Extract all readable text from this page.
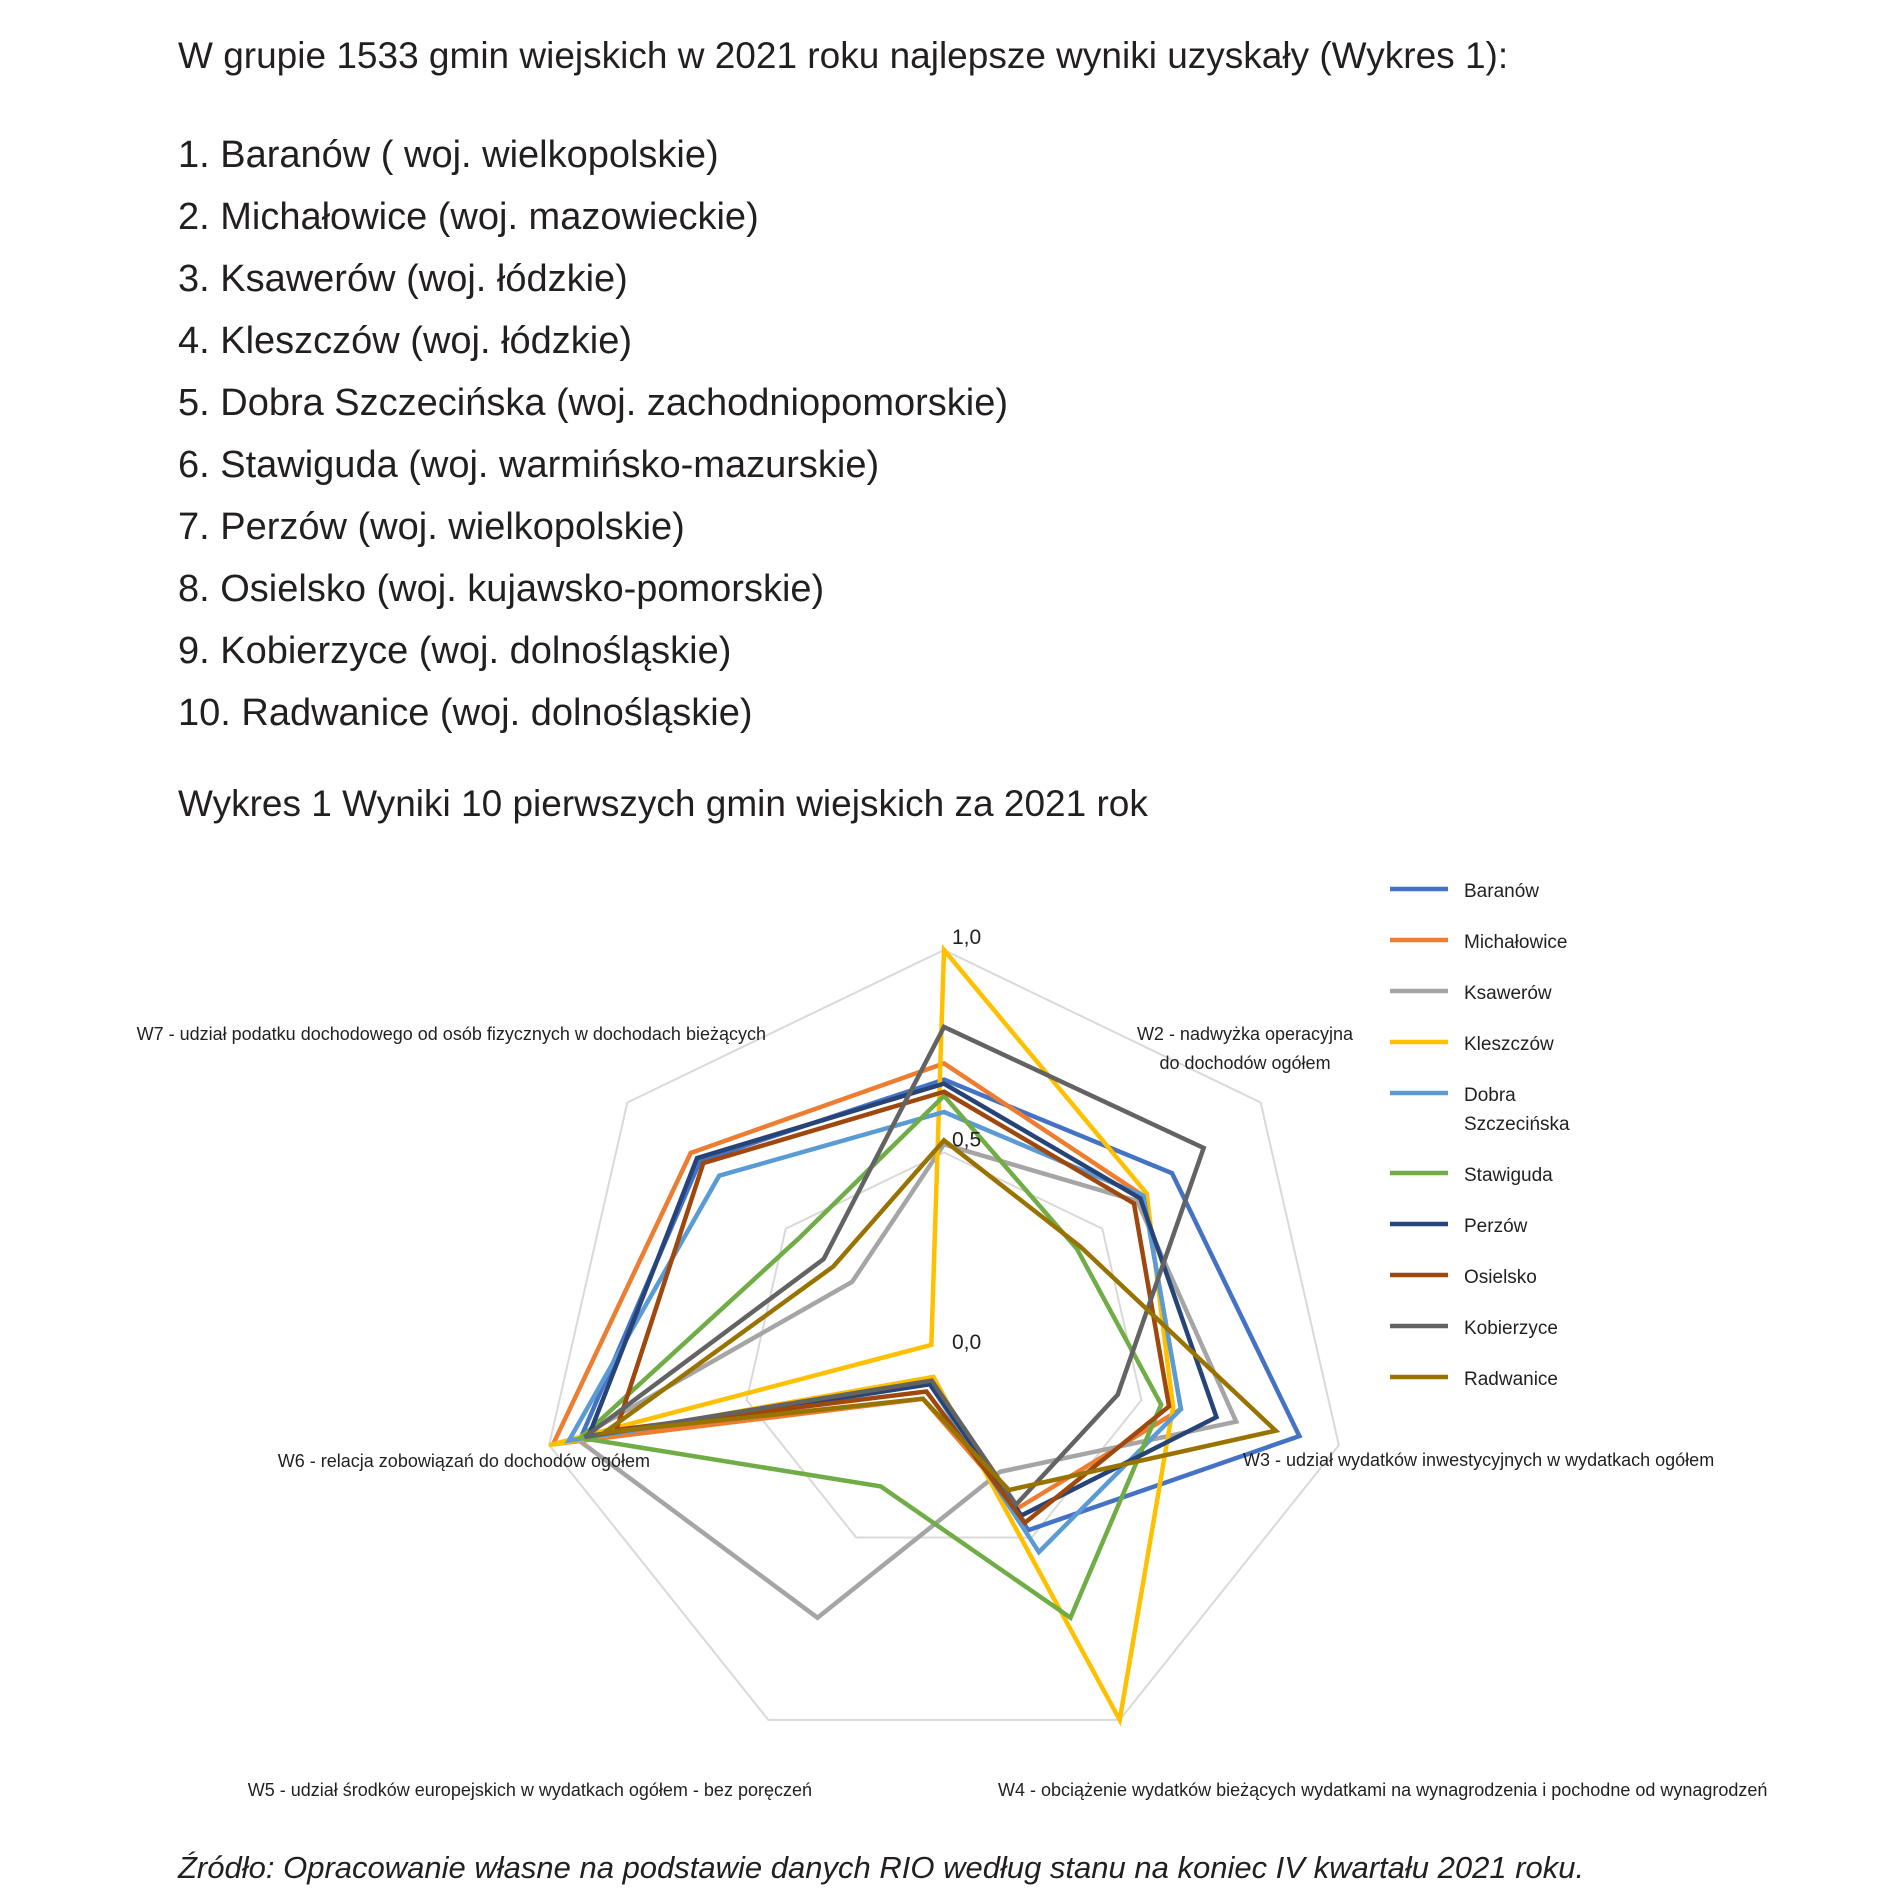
W grupie 1533 gmin wiejskich w 2021 roku najlepsze wyniki uzyskały (Wykres 1):

1. Baranów ( woj. wielkopolskie)
2. Michałowice (woj. mazowieckie)
3. Ksawerów (woj. łódzkie)
4. Kleszczów (woj. łódzkie)
5. Dobra Szczecińska (woj. zachodniopomorskie)
6. Stawiguda (woj. warmińsko-mazurskie)
7. Perzów (woj. wielkopolskie)
8. Osielsko (woj. kujawsko-pomorskie)
9. Kobierzyce (woj. dolnośląskie)
10. Radwanice (woj. dolnośląskie)

Wykres 1 Wyniki 10 pierwszych gmin wiejskich za 2021 rok

0,0
0,5
1,0
W2 - nadwyżka operacyjna do dochodów ogółem
W3 - udział wydatków inwestycyjnych w wydatkach ogółem
W4 - obciążenie wydatków bieżących wydatkami na wynagrodzenia i pochodne od wynagrodzeń
W5 - udział środków europejskich w wydatkach ogółem - bez poręczeń
W6 - relacja zobowiązań do dochodów ogółem
W7 - udział podatku dochodowego od osób fizycznych w dochodach bieżących
Baranów
Michałowice
Ksawerów
Kleszczów
Dobra Szczecińska
Stawiguda
Perzów
Osielsko
Kobierzyce
Radwanice
Źródło: Opracowanie własne na podstawie danych RIO według stanu na koniec IV kwartału 2021 roku.
